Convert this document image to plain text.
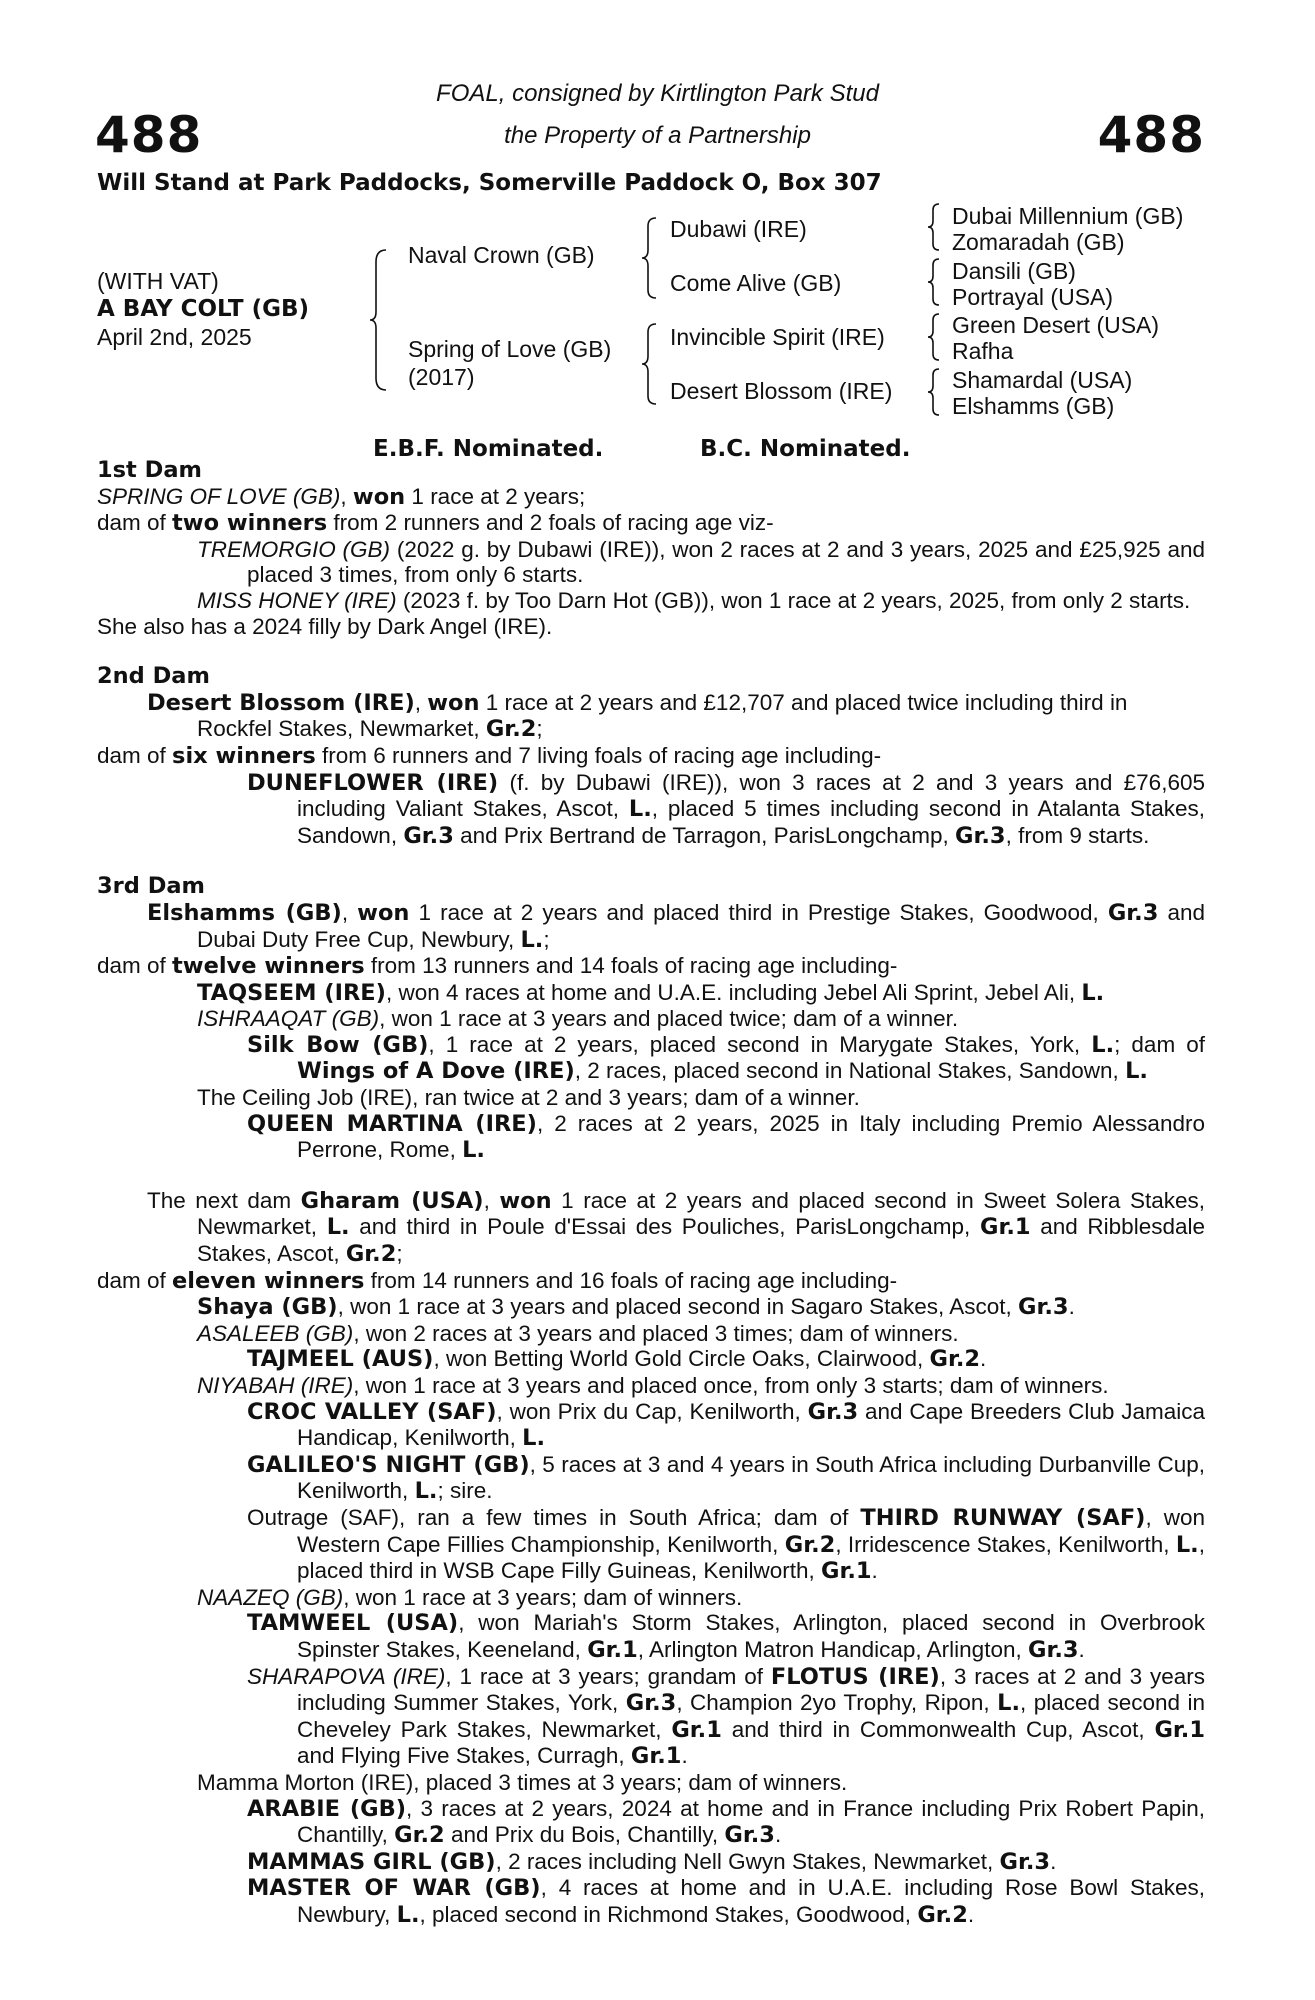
488	488
FOAL, consigned by Kirtlington Park Stud
the Property of a Partnership
Will Stand at Park Paddocks, Somerville Paddock O, Box 307
(WITH VAT)
A BAY COLT (GB)
April 2nd, 2025
Naval Crown (GB)
Spring of Love (GB)
(2017)
Dubawi (IRE)
Come Alive (GB)
Invincible Spirit (IRE)
Desert Blossom (IRE)
Dubai Millennium (GB)
Zomaradah (GB)
Dansili (GB)
Portrayal (USA)
Green Desert (USA)
Rafha
Shamardal (USA)
Elshamms (GB)
E.B.F. Nominated.	B.C. Nominated.
1st Dam
SPRING OF LOVE (GB), won 1 race at 2 years;
dam of two winners from 2 runners and 2 foals of racing age viz-
TREMORGIO (GB) (2022 g. by Dubawi (IRE)), won 2 races at 2 and 3 years, 2025 and £25,925 and placed 3 times, from only 6 starts.
MISS HONEY (IRE) (2023 f. by Too Darn Hot (GB)), won 1 race at 2 years, 2025, from only 2 starts.
She also has a 2024 filly by Dark Angel (IRE).
2nd Dam
Desert Blossom (IRE), won 1 race at 2 years and £12,707 and placed twice including third in Rockfel Stakes, Newmarket, Gr.2;
dam of six winners from 6 runners and 7 living foals of racing age including-
DUNEFLOWER (IRE) (f. by Dubawi (IRE)), won 3 races at 2 and 3 years and £76,605 including Valiant Stakes, Ascot, L., placed 5 times including second in Atalanta Stakes, Sandown, Gr.3 and Prix Bertrand de Tarragon, ParisLongchamp, Gr.3, from 9 starts.
3rd Dam
Elshamms (GB), won 1 race at 2 years and placed third in Prestige Stakes, Goodwood, Gr.3 and Dubai Duty Free Cup, Newbury, L.;
dam of twelve winners from 13 runners and 14 foals of racing age including-
TAQSEEM (IRE), won 4 races at home and U.A.E. including Jebel Ali Sprint, Jebel Ali, L.
ISHRAAQAT (GB), won 1 race at 3 years and placed twice; dam of a winner.
Silk Bow (GB), 1 race at 2 years, placed second in Marygate Stakes, York, L.; dam of Wings of A Dove (IRE), 2 races, placed second in National Stakes, Sandown, L.
The Ceiling Job (IRE), ran twice at 2 and 3 years; dam of a winner.
QUEEN MARTINA (IRE), 2 races at 2 years, 2025 in Italy including Premio Alessandro Perrone, Rome, L.
The next dam Gharam (USA), won 1 race at 2 years and placed second in Sweet Solera Stakes, Newmarket, L. and third in Poule d'Essai des Pouliches, ParisLongchamp, Gr.1 and Ribblesdale Stakes, Ascot, Gr.2;
dam of eleven winners from 14 runners and 16 foals of racing age including-
Shaya (GB), won 1 race at 3 years and placed second in Sagaro Stakes, Ascot, Gr.3.
ASALEEB (GB), won 2 races at 3 years and placed 3 times; dam of winners.
TAJMEEL (AUS), won Betting World Gold Circle Oaks, Clairwood, Gr.2.
NIYABAH (IRE), won 1 race at 3 years and placed once, from only 3 starts; dam of winners.
CROC VALLEY (SAF), won Prix du Cap, Kenilworth, Gr.3 and Cape Breeders Club Jamaica Handicap, Kenilworth, L.
GALILEO'S NIGHT (GB), 5 races at 3 and 4 years in South Africa including Durbanville Cup, Kenilworth, L.; sire.
Outrage (SAF), ran a few times in South Africa; dam of THIRD RUNWAY (SAF), won Western Cape Fillies Championship, Kenilworth, Gr.2, Irridescence Stakes, Kenilworth, L., placed third in WSB Cape Filly Guineas, Kenilworth, Gr.1.
NAAZEQ (GB), won 1 race at 3 years; dam of winners.
TAMWEEL (USA), won Mariah's Storm Stakes, Arlington, placed second in Overbrook Spinster Stakes, Keeneland, Gr.1, Arlington Matron Handicap, Arlington, Gr.3.
SHARAPOVA (IRE), 1 race at 3 years; grandam of FLOTUS (IRE), 3 races at 2 and 3 years including Summer Stakes, York, Gr.3, Champion 2yo Trophy, Ripon, L., placed second in Cheveley Park Stakes, Newmarket, Gr.1 and third in Commonwealth Cup, Ascot, Gr.1 and Flying Five Stakes, Curragh, Gr.1.
Mamma Morton (IRE), placed 3 times at 3 years; dam of winners.
ARABIE (GB), 3 races at 2 years, 2024 at home and in France including Prix Robert Papin, Chantilly, Gr.2 and Prix du Bois, Chantilly, Gr.3.
MAMMAS GIRL (GB), 2 races including Nell Gwyn Stakes, Newmarket, Gr.3.
MASTER OF WAR (GB), 4 races at home and in U.A.E. including Rose Bowl Stakes, Newbury, L., placed second in Richmond Stakes, Goodwood, Gr.2.
